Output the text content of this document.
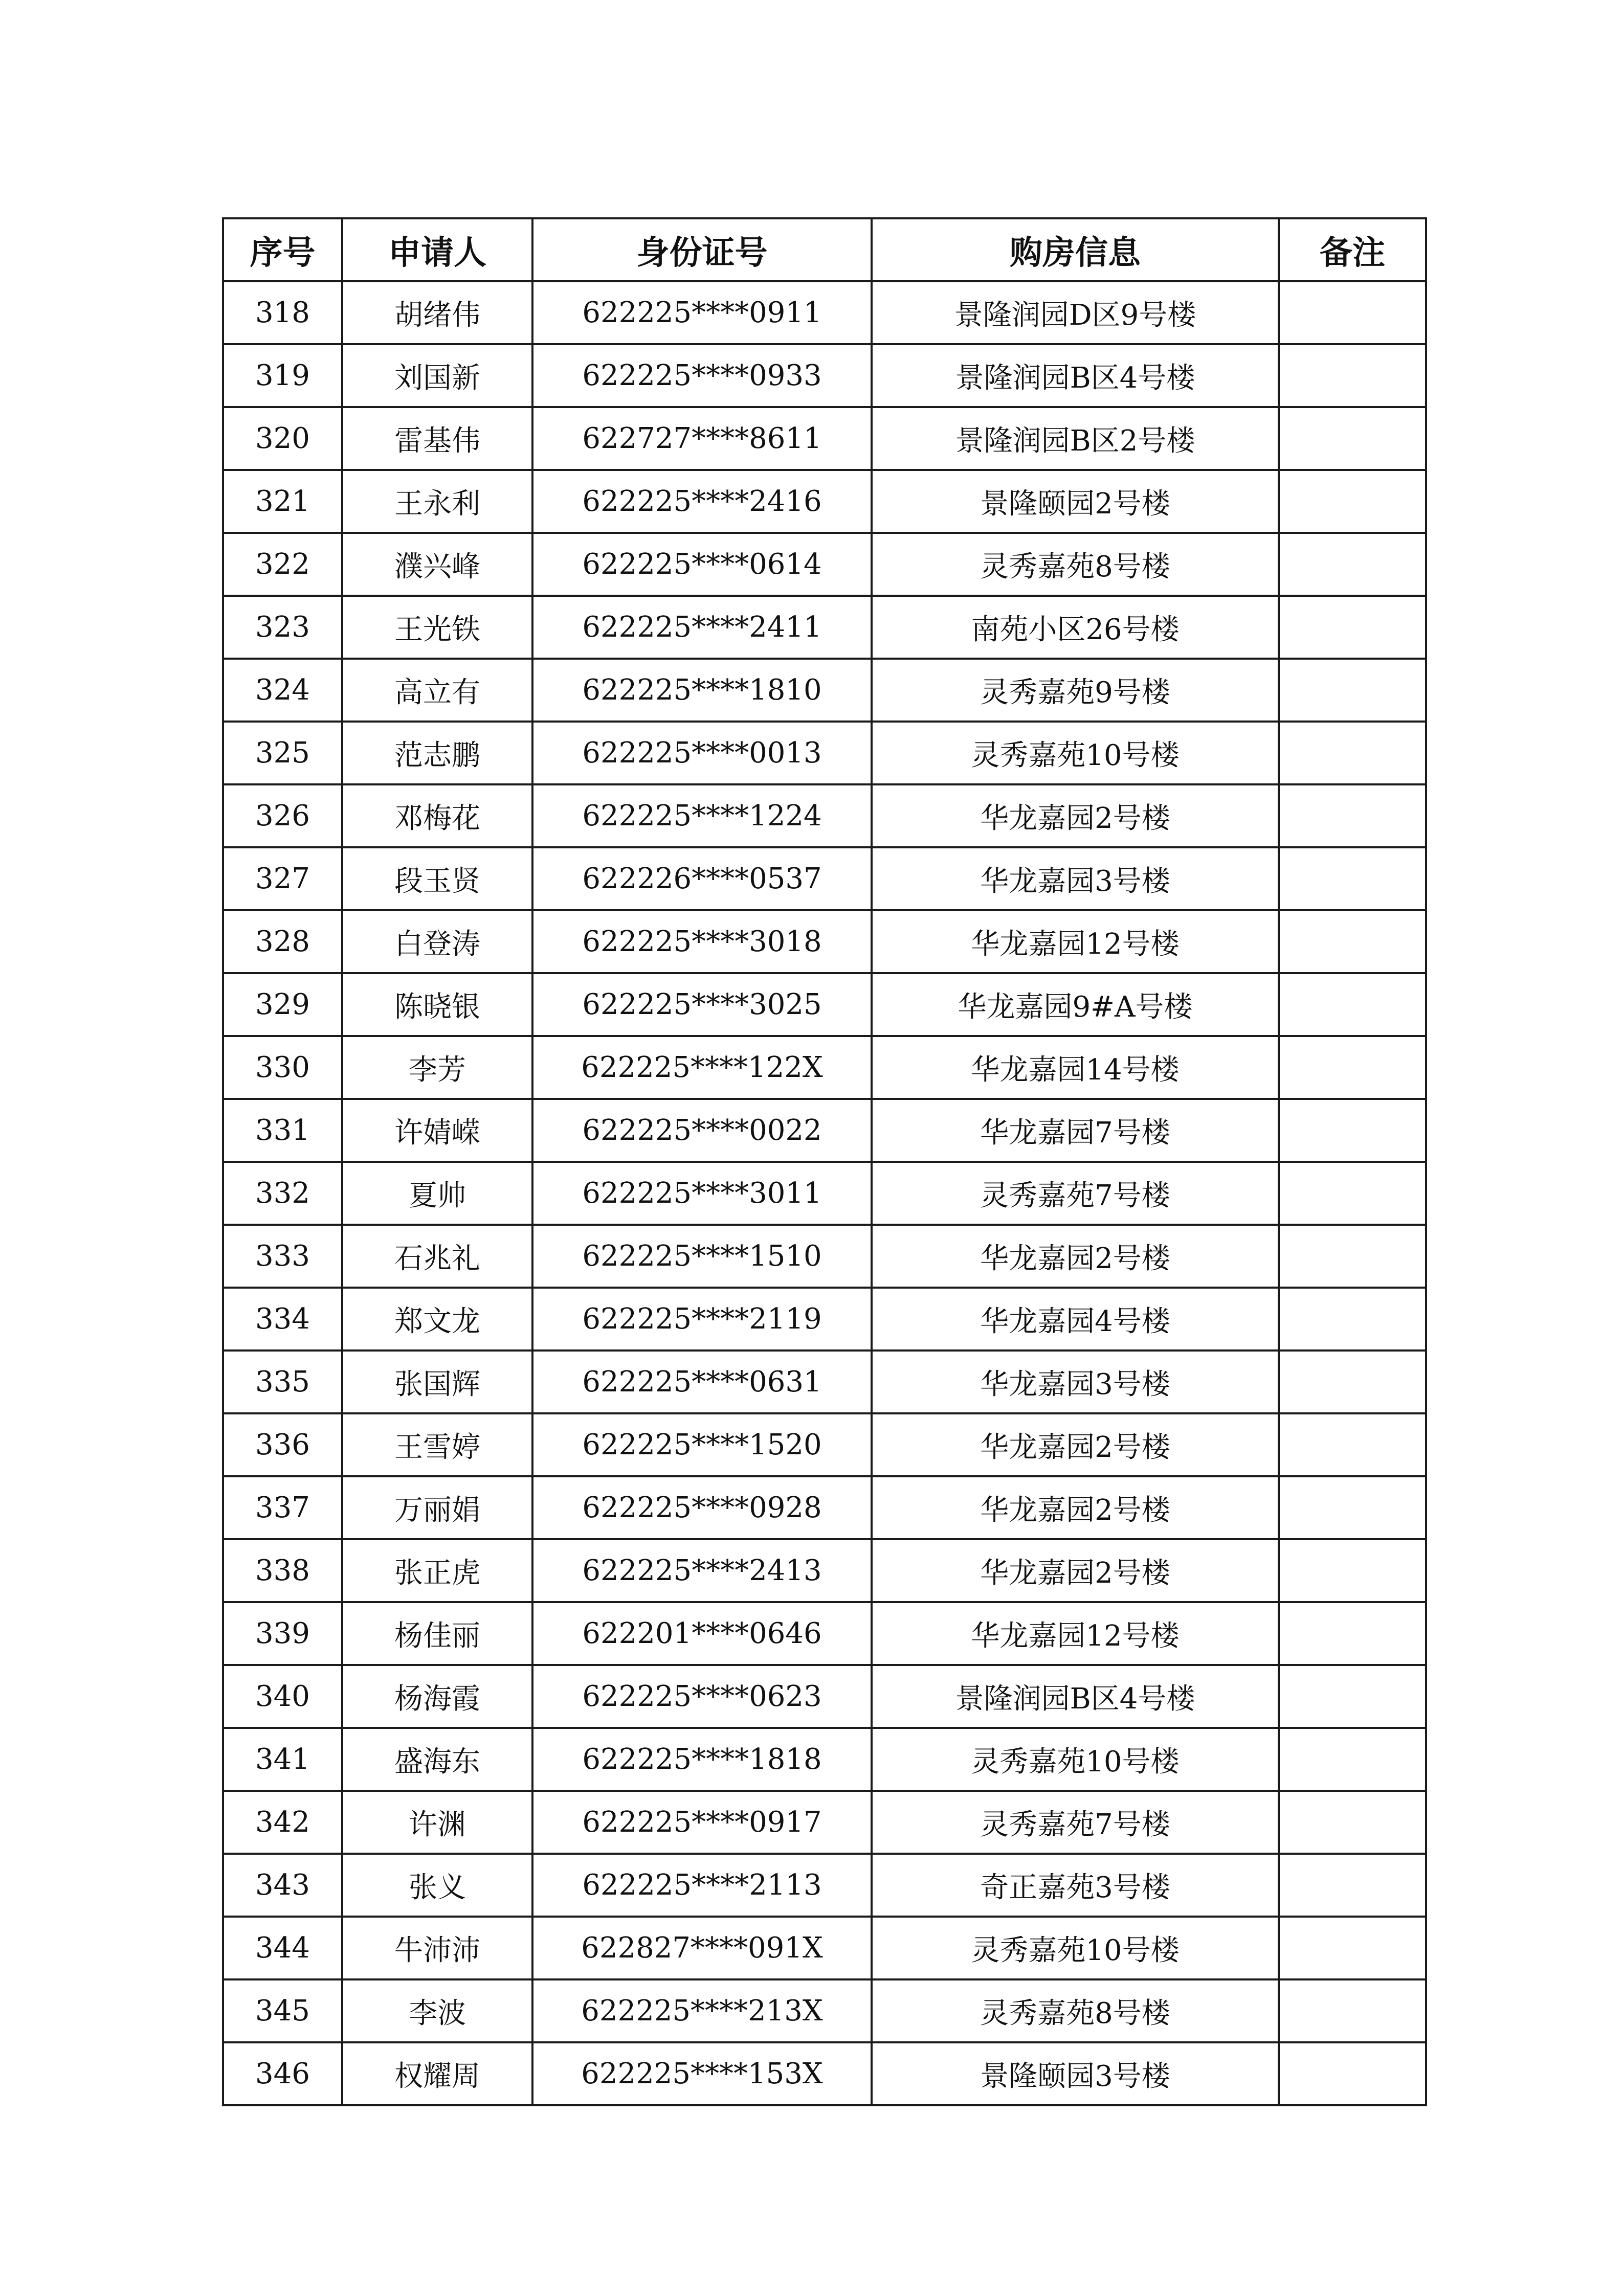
序号	申请人	身份证号	购房信息	备注
318	胡绪伟	622225****0911	景隆润园D区9号楼	
319	刘国新	622225****0933	景隆润园B区4号楼	
320	雷基伟	622727****8611	景隆润园B区2号楼	
321	王永利	622225****2416	景隆颐园2号楼	
322	濮兴峰	622225****0614	灵秀嘉苑8号楼	
323	王光铁	622225****2411	南苑小区26号楼	
324	高立有	622225****1810	灵秀嘉苑9号楼	
325	范志鹏	622225****0013	灵秀嘉苑10号楼	
326	邓梅花	622225****1224	华龙嘉园2号楼	
327	段玉贤	622226****0537	华龙嘉园3号楼	
328	白登涛	622225****3018	华龙嘉园12号楼	
329	陈晓银	622225****3025	华龙嘉园9#A号楼	
330	李芳	622225****122X	华龙嘉园14号楼	
331	许婧嵘	622225****0022	华龙嘉园7号楼	
332	夏帅	622225****3011	灵秀嘉苑7号楼	
333	石兆礼	622225****1510	华龙嘉园2号楼	
334	郑文龙	622225****2119	华龙嘉园4号楼	
335	张国辉	622225****0631	华龙嘉园3号楼	
336	王雪婷	622225****1520	华龙嘉园2号楼	
337	万丽娟	622225****0928	华龙嘉园2号楼	
338	张正虎	622225****2413	华龙嘉园2号楼	
339	杨佳丽	622201****0646	华龙嘉园12号楼	
340	杨海霞	622225****0623	景隆润园B区4号楼	
341	盛海东	622225****1818	灵秀嘉苑10号楼	
342	许渊	622225****0917	灵秀嘉苑7号楼	
343	张义	622225****2113	奇正嘉苑3号楼	
344	牛沛沛	622827****091X	灵秀嘉苑10号楼	
345	李波	622225****213X	灵秀嘉苑8号楼	
346	权耀周	622225****153X	景隆颐园3号楼	
